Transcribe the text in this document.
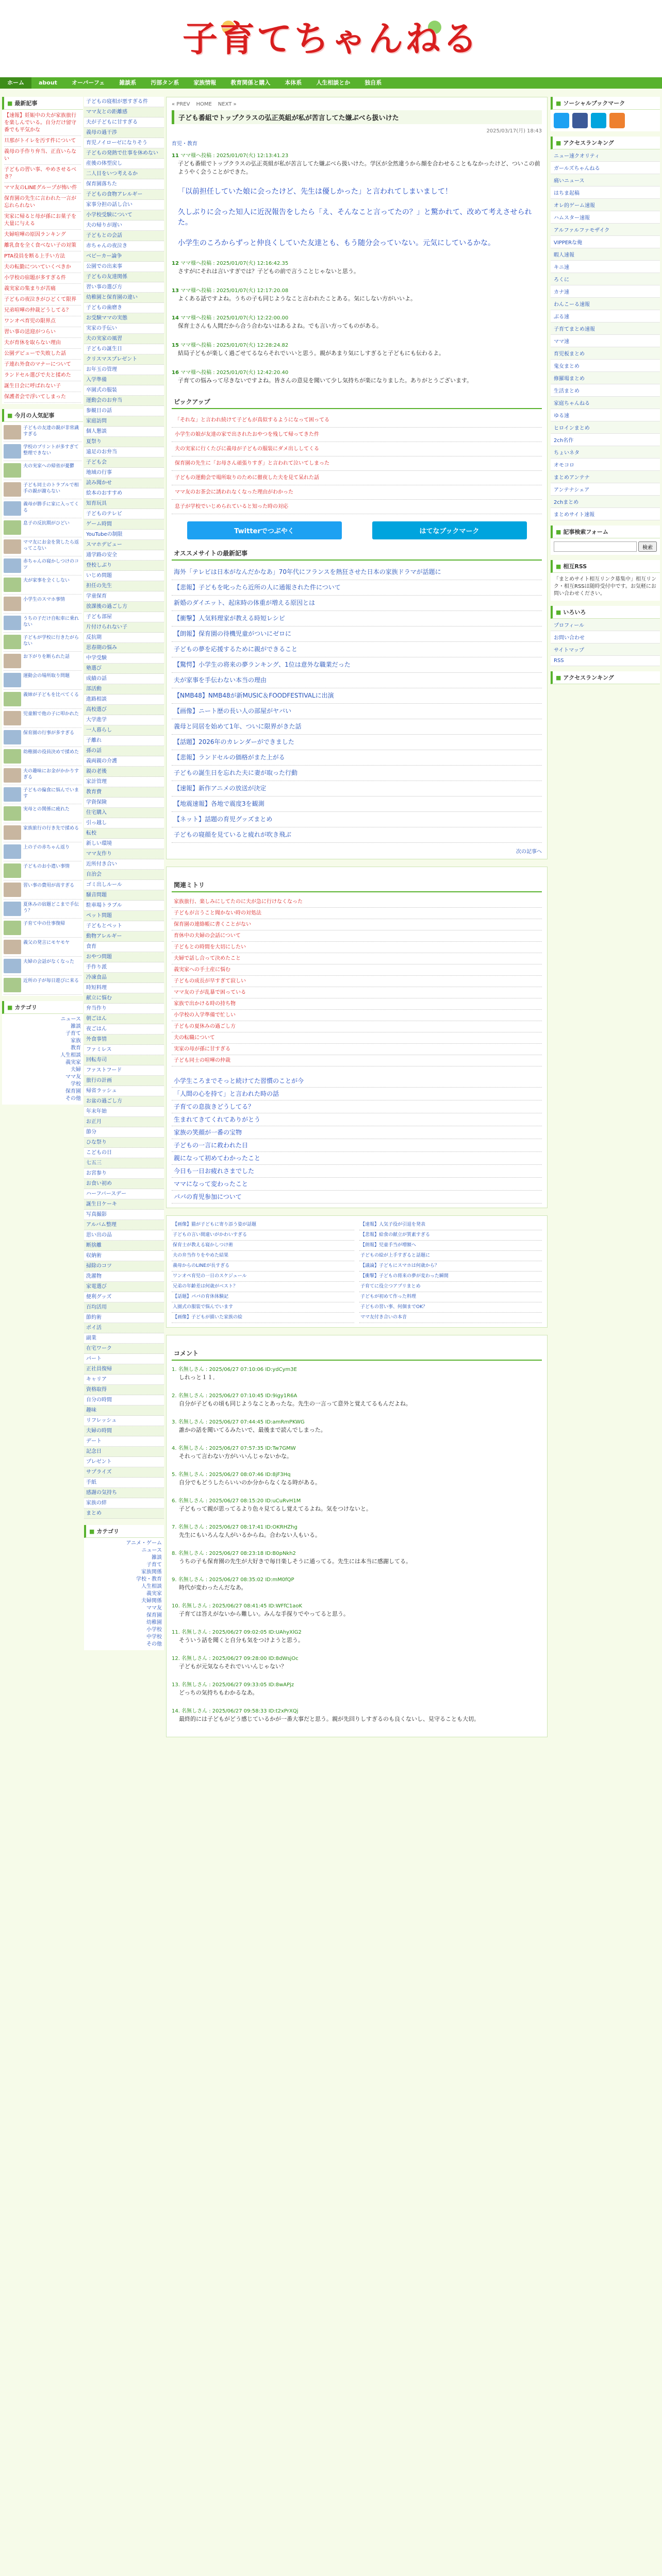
子育てちゃんねる
ホーム	about	オーバーフェ	雑談系	汚部タン系	家族情報	教育関係と購入	本体系	人生相談とか	独自系
■ 最新記事
【速報】妊娠中の夫が家族旅行を楽しんでいる。自分だけ留守番でも平気かな
旦那がトイレを汚す件について
義母の手作り弁当、正直いらない
子どもの習い事、やめさせるべき？
ママ友のLINEグループが怖い件
保育園の先生に言われた一言が忘れられない
実家に帰ると母が孫にお菓子を大量に与える
夫婦喧嘩の原因ランキング
離乳食を全く食べない子の対策
PTA役員を断る上手い方法
夫の転勤についていくべきか
小学校の宿題が多すぎる件
義実家の集まりが苦痛
子どもの夜泣きがひどくて限界
兄弟喧嘩の仲裁どうしてる？
ワンオペ育児の限界点
習い事の送迎がつらい
夫が育休を取らない理由
公園デビューで失敗した話
子連れ外食のマナーについて
ランドセル選びで夫と揉めた
誕生日会に呼ばれない子
保護者会で浮いてしまった
■ 今月の人気記事
子どもの友達の親が非常識すぎる
学校のプリントが多すぎて整理できない
夫の実家への帰省が憂鬱
子ども同士のトラブルで相手の親が謝らない
義母が勝手に家に入ってくる
息子の反抗期がひどい
ママ友にお金を貸したら返ってこない
赤ちゃんの寝かしつけのコツ
夫が家事を全くしない
小学生のスマホ事情
うちの子だけ自転車に乗れない
子どもが学校に行きたがらない
お下がりを断られた話
運動会の場所取り問題
義姉が子どもを比べてくる
児童館で他の子に叩かれた
保育園の行事が多すぎる
幼稚園の役員決めで揉めた
夫の趣味にお金がかかりすぎる
子どもの偏食に悩んでいます
実母との関係に疲れた
家族旅行の行き先で揉める
上の子の赤ちゃん返り
子どものお小遣い事情
習い事の費用が高すぎる
夏休みの宿題どこまで手伝う？
子育て中の仕事復帰
義父の発言にモヤモヤ
夫婦の会話がなくなった
近所の子が毎日遊びに来る
■ カテゴリ
ニュース
雑談
子育て
家族
教育
人生相談
義実家
夫婦
ママ友
学校
保育園
その他
子どもの寝相が悪すぎる件
ママ友との距離感
夫が子どもに甘すぎる
義母の過干渉
育児ノイローゼになりそう
子どもの発熱で仕事を休めない
産後の体型戻し
二人目をいつ考えるか
保育園落ちた
子どもの食物アレルギー
家事分担の話し合い
小学校受験について
夫の帰りが遅い
子どもとの会話
赤ちゃんの夜泣き
ベビーカー論争
公園での出来事
子どもの友達関係
習い事の選び方
幼稚園と保育園の違い
子どもの歯磨き
お受験ママの実態
実家の手伝い
夫の実家の風習
子どもの誕生日
クリスマスプレゼント
お年玉の管理
入学準備
卒園式の服装
運動会のお弁当
参観日の話
家庭訪問
個人懇談
夏祭り
遠足のお弁当
子ども会
地域の行事
読み聞かせ
絵本のおすすめ
知育玩具
子どものテレビ
ゲーム時間
YouTubeの制限
スマホデビュー
通学路の安全
登校しぶり
いじめ問題
担任の先生
学童保育
放課後の過ごし方
子ども部屋
片付けられない子
反抗期
思春期の悩み
中学受験
塾選び
成績の話
部活動
進路相談
高校選び
大学進学
一人暮らし
子離れ
孫の話
義両親の介護
親の老後
家計管理
教育費
学資保険
住宅購入
引っ越し
転校
新しい環境
ママ友作り
近所付き合い
自治会
ゴミ出しルール
騒音問題
駐車場トラブル
ペット問題
子どもとペット
動物アレルギー
食育
おやつ問題
手作り派
冷凍食品
時短料理
献立に悩む
弁当作り
朝ごはん
夜ごはん
外食事情
ファミレス
回転寿司
ファストフード
旅行の計画
帰省ラッシュ
お盆の過ごし方
年末年始
お正月
節分
ひな祭り
こどもの日
七五三
お宮参り
お食い初め
ハーフバースデー
誕生日ケーキ
写真撮影
アルバム整理
思い出の品
断捨離
収納術
掃除のコツ
洗濯物
家電選び
便利グッズ
百均活用
節約術
ポイ活
副業
在宅ワーク
パート
正社員復帰
キャリア
資格取得
自分の時間
趣味
リフレッシュ
夫婦の時間
デート
記念日
プレゼント
サプライズ
手紙
感謝の気持ち
家族の絆
まとめ
■ カテゴリ
アニメ・ゲーム
ニュース
雑談
子育て
家族関係
学校・教育
人生相談
義実家
夫婦関係
ママ友
保育園
幼稚園
小学校
中学校
その他
« PREV HOME NEXT »
子ども番組でトップクラスの弘正英組が私が苦言してた嫌ぶべら扱いけた
2025/03/17(月) 18:43
育児・教育
11 ママ様へ投稿 : 2025/01/07(火) 12:13:41.23
子ども番組でトップクラスの弘正英組が私が苦言してた嫌ぶべら扱いけた。学区が全然違うから顔を合わせることもなかったけど、ついこの前ようやく会うことができた。
「以前担任していた娘に会ったけど、先生は優しかった」と言われてしまいまして！
久しぶりに会った知人に近況報告をしたら「え、そんなこと言ってたの？」と驚かれて、改めて考えさせられた。
小学生のころからずっと仲良くしていた友達とも、もう随分会っていない。元気にしているかな。
12 ママ様へ投稿 : 2025/01/07(火) 12:16:42.35
さすがにそれは言いすぎでは？子どもの前で言うことじゃないと思う。
13 ママ様へ投稿 : 2025/01/07(火) 12:17:20.08
よくある話ですよね。うちの子も同じようなこと言われたことある。気にしない方がいいよ。
14 ママ様へ投稿 : 2025/01/07(火) 12:22:00.00
保育士さんも人間だから合う合わないはあるよね。でも言い方ってものがある。
15 ママ様へ投稿 : 2025/01/07(火) 12:28:24.82
結局子どもが楽しく過ごせてるならそれでいいと思う。親があまり気にしすぎると子どもにも伝わるよ。
16 ママ様へ投稿 : 2025/01/07(火) 12:42:20.40
子育ての悩みって尽きないですよね。皆さんの意見を聞いて少し気持ちが楽になりました。ありがとうございます。
ピックアップ
「それな」と言われ続けて子どもが真似するようになって困ってる
小学生の娘が友達の家で出されたおやつを残して帰ってきた件
夫の実家に行くたびに義母が子どもの服装にダメ出ししてくる
保育園の先生に「お母さん頑張りすぎ」と言われて泣いてしまった
子どもの運動会で場所取りのために徹夜した夫を見て呆れた話
ママ友のお茶会に誘われなくなった理由がわかった
息子が学校でいじめられていると知った時の対応
Twitterでつぶやく	はてなブックマーク
オススメサイトの最新記事
海外「テレビは日本がなんだかなあ」70年代にフランスを熱狂させた日本の家族ドラマが話題に
【悲報】子どもを叱ったら近所の人に通報された件について
新婚のダイエット、起床時の体重が増える原因とは
【衝撃】人気料理家が教える時短レシピ
【朗報】保育園の待機児童がついにゼロに
子どもの夢を応援するために親ができること
【驚愕】小学生の将来の夢ランキング、1位は意外な職業だった
夫が家事を手伝わない本当の理由
【NMB48】NMB48が新MUSIC＆FOODFESTIVALに出演
【画像】ニート歴の長い人の部屋がヤバい
義母と同居を始めて1年、ついに限界がきた話
【話題】2026年のカレンダーができました
【悲報】ランドセルの価格がまた上がる
子どもの誕生日を忘れた夫に妻が取った行動
【速報】新作アニメの放送が決定
【地震速報】各地で震度3を観測
【ネット】話題の育児グッズまとめ
子どもの寝顔を見ていると疲れが吹き飛ぶ
次の記事へ
関連ミトリ
家族旅行、楽しみにしてたのに夫が急に行けなくなった
子どもが言うこと聞かない時の対処法
保育園の連絡帳に書くことがない
育休中の夫婦の会話について
子どもとの時間を大切にしたい
夫婦で話し合って決めたこと
義実家への手土産に悩む
子どもの成長が早すぎて寂しい
ママ友の子が乱暴で困っている
家族で出かける時の持ち物
小学校の入学準備で忙しい
子どもの夏休みの過ごし方
夫の転職について
実家の母が孫に甘すぎる
子ども同士の喧嘩の仲裁
小学生ころまでそっと続けてた習慣のことが今
「人間の心を持て」と言われた時の話
子育ての息抜きどうしてる？
生まれてきてくれてありがとう
家族の笑顔が一番の宝物
子どもの一言に救われた日
親になって初めてわかったこと
今日も一日お疲れさまでした
ママになって変わったこと
パパの育児参加について
【画像】猫が子どもに寄り添う姿が話題
子どもの言い間違いがかわいすぎる
保育士が教える寝かしつけ術
夫の弁当作りをやめた結果
義母からのLINEが長すぎる
ワンオペ育児の一日のスケジュール
兄弟の年齢差は何歳がベスト？
【話題】パパの育休体験記
入園式の服装で悩んでいます
【画像】子どもが描いた家族の絵
【速報】人気子役が引退を発表
【悲報】給食の献立が質素すぎる
【朗報】児童手当が増額へ
子どもの絵が上手すぎると話題に
【議論】子どもにスマホは何歳から？
【衝撃】子どもの将来の夢が変わった瞬間
子育てに役立つアプリまとめ
子どもが初めて作った料理
子どもの習い事、何個までOK？
ママ友付き合いの本音
コメント
1. 名無しさん : 2025/06/27 07:10:06 ID:ydCym3E
しれっと１１．
2. 名無しさん : 2025/06/27 07:10:45 ID:9igy1R6A
自分が子どもの頃も同じようなことあったな。先生の一言って意外と覚えてるもんだよね。
3. 名無しさん : 2025/06/27 07:44:45 ID:amRmPKWG
誰かの話を聞いてるみたいで、最後まで読んでしまった。
4. 名無しさん : 2025/06/27 07:57:35 ID:Tw7GMW
それって言わない方がいいんじゃないかな。
5. 名無しさん : 2025/06/27 08:07:46 ID:8jF3Hq
自分でもどうしたらいいのか分からなくなる時がある。
6. 名無しさん : 2025/06/27 08:15:20 ID:uCuRvH1M
子どもって親が思ってるより色々見てるし覚えてるよね。気をつけないと。
7. 名無しさん : 2025/06/27 08:17:41 ID:OKRHZhg
先生にもいろんな人がいるからね。合わない人もいる。
8. 名無しさん : 2025/06/27 08:23:18 ID:B0pNkh2
うちの子も保育園の先生が大好きで毎日楽しそうに通ってる。先生には本当に感謝してる。
9. 名無しさん : 2025/06/27 08:35:02 ID:mM0fQP
時代が変わったんだなあ。
10. 名無しさん : 2025/06/27 08:41:45 ID:WFfC1aoK
子育ては答えがないから難しい。みんな手探りでやってると思う。
11. 名無しさん : 2025/06/27 09:02:05 ID:UAhyXlG2
そういう話を聞くと自分も気をつけようと思う。
12. 名無しさん : 2025/06/27 09:28:00 ID:8dWsjOc
子どもが元気ならそれでいいんじゃない？
13. 名無しさん : 2025/06/27 09:33:05 ID:8wAPjz
どっちの気持ちもわかるなあ。
14. 名無しさん : 2025/06/27 09:58:33 ID:t2xPrXQj
最終的には子どもがどう感じているかが一番大事だと思う。親が先回りしすぎるのも良くないし、見守ることも大切。
■ ソーシャルブックマーク
■ アクセスランキング
ニュー速クオリティ
ガールズちゃんねる
痛いニュース
はちま起稿
オレ的ゲーム速報
ハムスター速報
アルファルファモザイク
VIPPERな俺
暇人速報
キニ速
ろくに
カナ速
わんこーる速報
ぶる速
子育てまとめ速報
ママ速
育児板まとめ
鬼女まとめ
修羅場まとめ
生活まとめ
家庭ちゃんねる
ゆる速
ヒロインまとめ
2ch名作
ちょいネタ
オモコロ
まとめアンテナ
アンテナシェア
2chまとめ
まとめサイト速報
■ 記事検索フォーム
検索
■ 相互RSS
「まとめサイト相互リンク募集中」相互リンク・相互RSSは随時受付中です。お気軽にお問い合わせください。
■ いろいろ
プロフィール
お問い合わせ
サイトマップ
RSS
■ アクセスランキング
